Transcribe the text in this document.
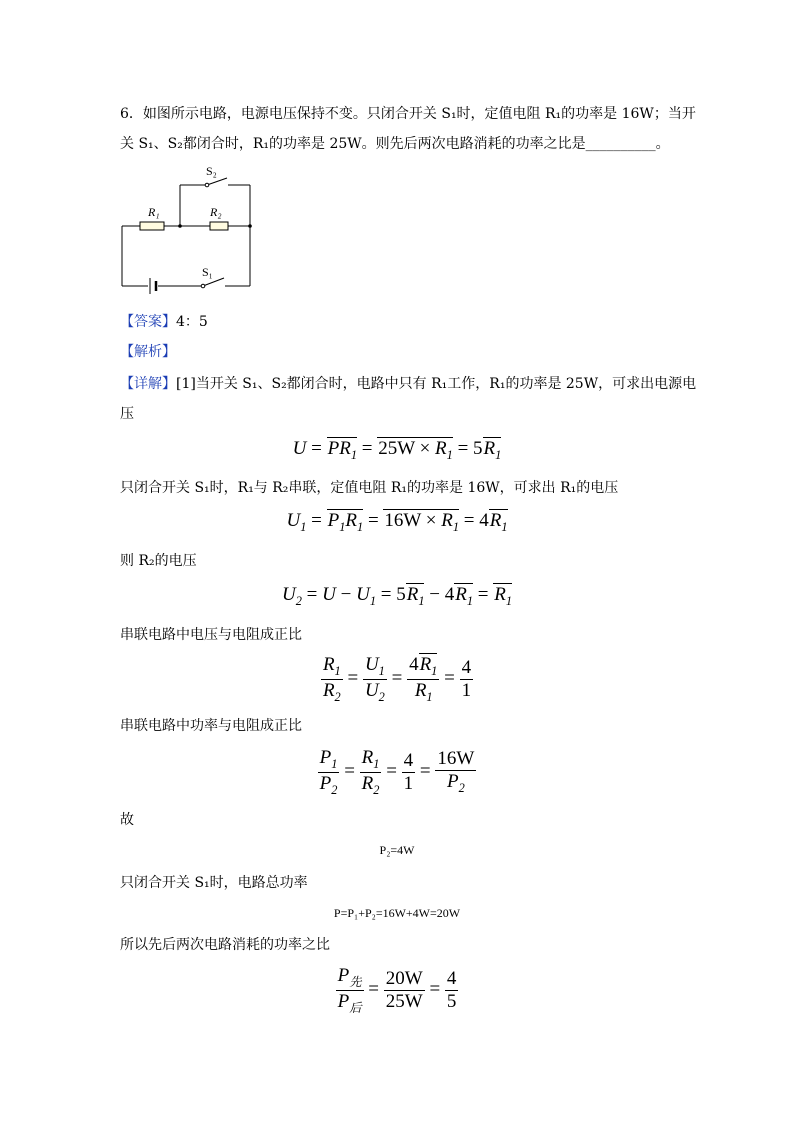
6．如图所示电路，电源电压保持不变。只闭合开关 S₁时，定值电阻 R₁的功率是 16W；当开
关 S₁、S₂都闭合时，R₁的功率是 25W。则先后两次电路消耗的功率之比是__________。
S₂
R₁	R₂
S₁
【答案】4：5
【解析】
【详解】[1]当开关 S₁、S₂都闭合时，电路中只有 R₁工作，R₁的功率是 25W，可求出电源电
压
$U = PR_1 = 25W \times R_1 = 5R_1$
只闭合开关 S₁时，R₁与 R₂串联，定值电阻 R₁的功率是 16W，可求出 R₁的电压
$U_1 = P_1R_1 = 16W \times R_1 = 4R_1$
则 R₂的电压
$U_2 = U - U_1 = 5R_1 - 4R_1 = R_1$
串联电路中电压与电阻成正比
$\frac{R_1}{R_2} = \frac{U_1}{U_2} = \frac{4R_1}{R_1} = \frac{4}{1}$
串联电路中功率与电阻成正比
$\frac{P_1}{P_2} = \frac{R_1}{R_2} = \frac{4}{1} = \frac{16W}{P_2}$
故
P₂=4W
只闭合开关 S₁时，电路总功率
P=P₁+P₂=16W+4W=20W
所以先后两次电路消耗的功率之比
$\frac{P_先}{P_后} = \frac{20W}{25W} = \frac{4}{5}$
